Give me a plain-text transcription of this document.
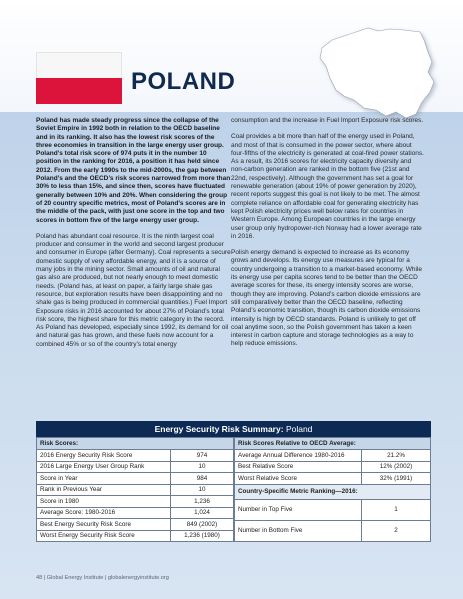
POLAND

Poland has made steady progress since the collapse of the Soviet Empire in 1992 both in relation to the OECD baseline and in its ranking. It also has the lowest risk scores of the three economies in transition in the large energy user group. Poland’s total risk score of 974 puts it in the number 10 position in the ranking for 2016, a position it has held since 2012. From the early 1990s to the mid-2000s, the gap between Poland’s and the OECD’s risk scores narrowed from more than 30% to less than 15%, and since then, scores have fluctuated generally between 10% and 20%. When considering the group of 20 country specific metrics, most of Poland’s scores are in the middle of the pack, with just one score in the top and two scores in bottom five of the large energy user group.

Poland has abundant coal resource. It is the ninth largest coal producer and consumer in the world and second largest producer and consumer in Europe (after Germany). Coal represents a secure domestic supply of very affordable energy, and it is a source of many jobs in the mining sector. Small amounts of oil and natural gas also are produced, but not nearly enough to meet domestic needs. (Poland has, at least on paper, a fairly large shale gas resource, but exploration results have been disappointing and no shale gas is being produced in commercial quantities.) Fuel Import Exposure risks in 2016 accounted for about 27% of Poland’s total risk score, the highest share for this metric category in the record. As Poland has developed, especially since 1992, its demand for oil and natural gas has grown, and these fuels now account for a combined 45% or so of the country’s total energy

consumption and the increase in Fuel Import Exposure risk scores.

Coal provides a bit more than half of the energy used in Poland, and most of that is consumed in the power sector, where about four-fifths of the electricity is generated at coal-fired power stations. As a result, its 2016 scores for electricity capacity diversity and non-carbon generation are ranked in the bottom five (21st and 22nd, respectively). Although the government has set a goal for renewable generation (about 19% of power generation by 2020), recent reports suggest this goal is not likely to be met. The almost complete reliance on affordable coal for generating electricity has kept Polish electricity prices well below rates for countries in Western Europe. Among European countries in the large energy user group only hydropower-rich Norway had a lower average rate in 2016.

Polish energy demand is expected to increase as its economy grows and develops. Its energy use measures are typical for a country undergoing a transition to a market-based economy. While its energy use per capita scores tend to be better than the OECD average scores for these, its energy intensity scores are worse, though they are improving. Poland’s carbon dioxide emissions are still comparatively better than the OECD baseline, reflecting Poland’s economic transition, though its carbon dioxide emissions intensity is high by OECD standards. Poland is unlikely to get off coal anytime soon, so the Polish government has taken a keen interest in carbon capture and storage technologies as a way to help reduce emissions.

Energy Security Risk Summary: Poland
Risk Scores:	
2016 Energy Security Risk Score	974
2016 Large Energy User Group Rank	10
Score in Year	984
Rank in Previous Year	10
Score in 1980	1,236
Average Score: 1980-2016	1,024
Best Energy Security Risk Score	849 (2002)
Worst Energy Security Risk Score	1,236 (1980)
Risk Scores Relative to OECD Average:	
Average Annual Difference 1980-2016	21.2%
Best Relative Score	12% (2002)
Worst Relative Score	32% (1991)
Country-Specific Metric Ranking—2016:	
Number in Top Five	1
Number in Bottom Five	2
48 | Global Energy Institute | globalenergyinstitute.org
